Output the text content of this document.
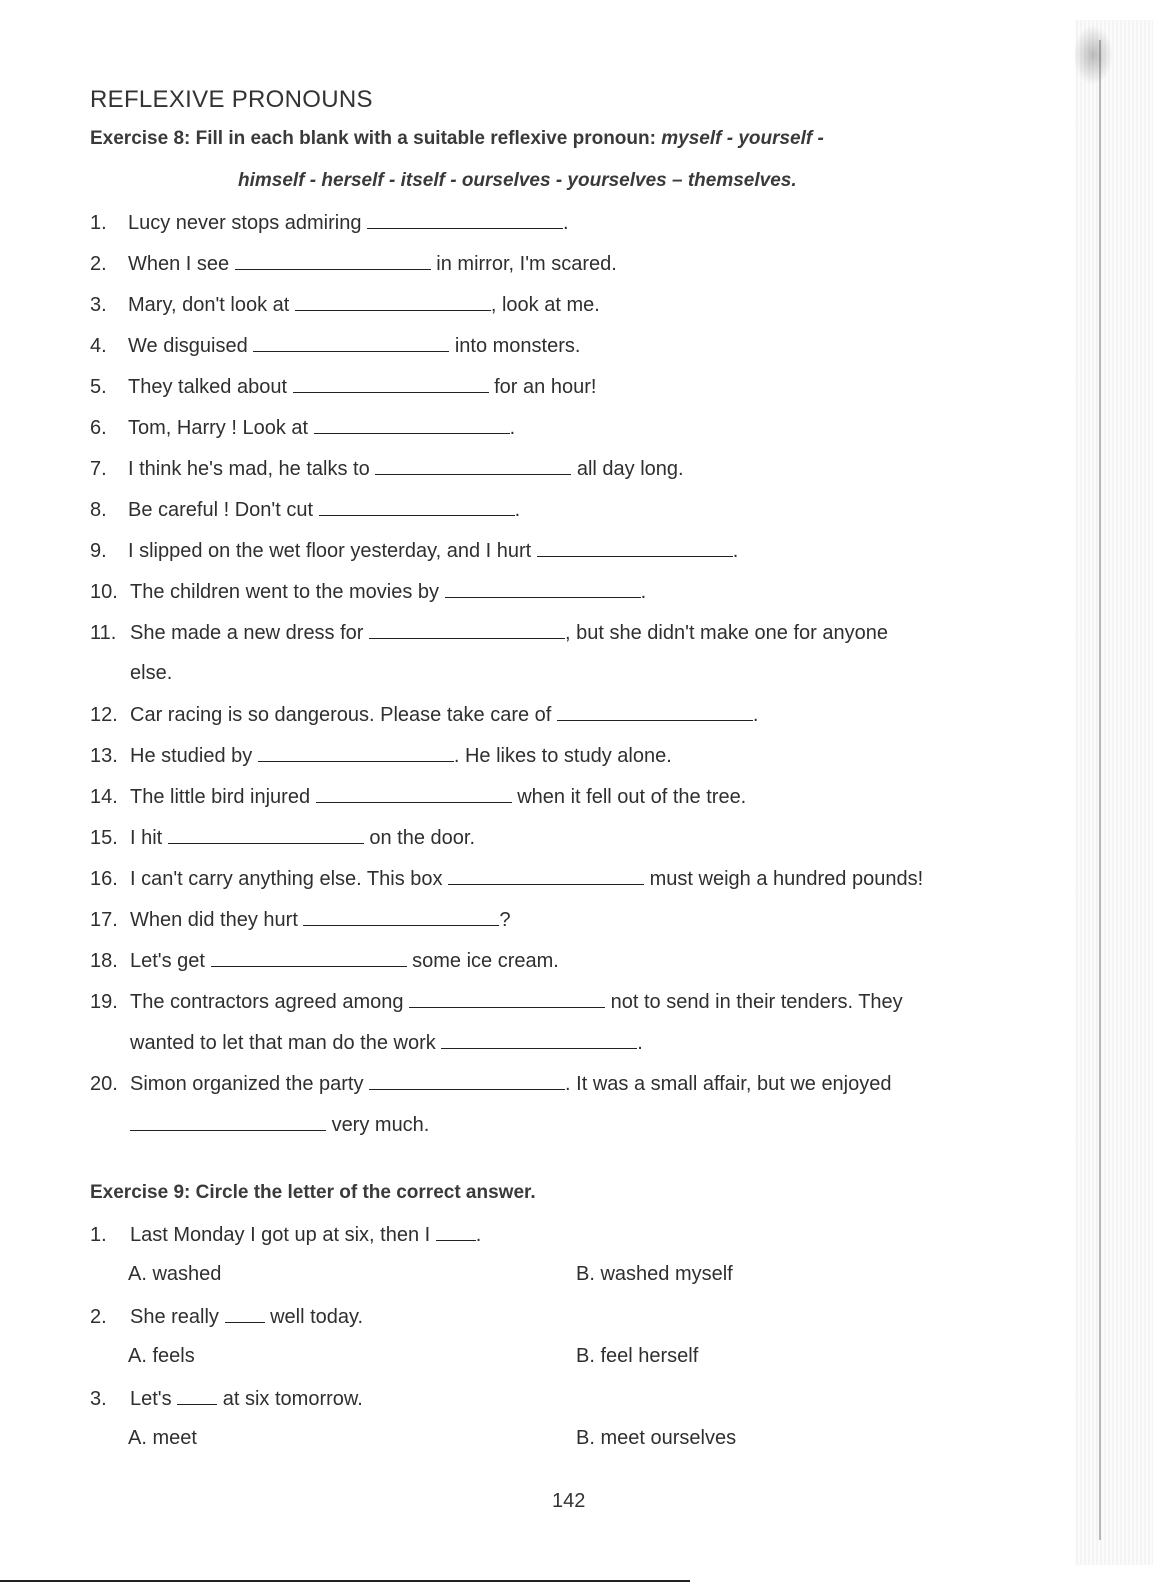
REFLEXIVE PRONOUNS
Exercise 8: Fill in each blank with a suitable reflexive pronoun: myself - yourself -
himself - herself - itself - ourselves - yourselves – themselves.
1. Lucy never stops admiring	.
2. When I see	in mirror, I'm scared.
3. Mary, don't look at	, look at me.
4. We disguised	into monsters.
5. They talked about	for an hour!
6. Tom, Harry ! Look at	.
7. I think he's mad, he talks to	all day long.
8. Be careful ! Don't cut	.
9. I slipped on the wet floor yesterday, and I hurt	.
10. The children went to the movies by	.
11. She made a new dress for	, but she didn't make one for anyone
else.
12. Car racing is so dangerous. Please take care of	.
13. He studied by	. He likes to study alone.
14. The little bird injured	when it fell out of the tree.
15. I hit	on the door.
16. I can't carry anything else. This box	must weigh a hundred pounds!
17. When did they hurt	?
18. Let's get	some ice cream.
19. The contractors agreed among	not to send in their tenders. They
wanted to let that man do the work	.
20. Simon organized the party	. It was a small affair, but we enjoyed
very much.
Exercise 9: Circle the letter of the correct answer.
1. Last Monday I got up at six, then I .
A. washed	B. washed myself
2. She really	well today.
A. feels	B. feel herself
3. Let's	at six tomorrow.
A. meet	B. meet ourselves
142
